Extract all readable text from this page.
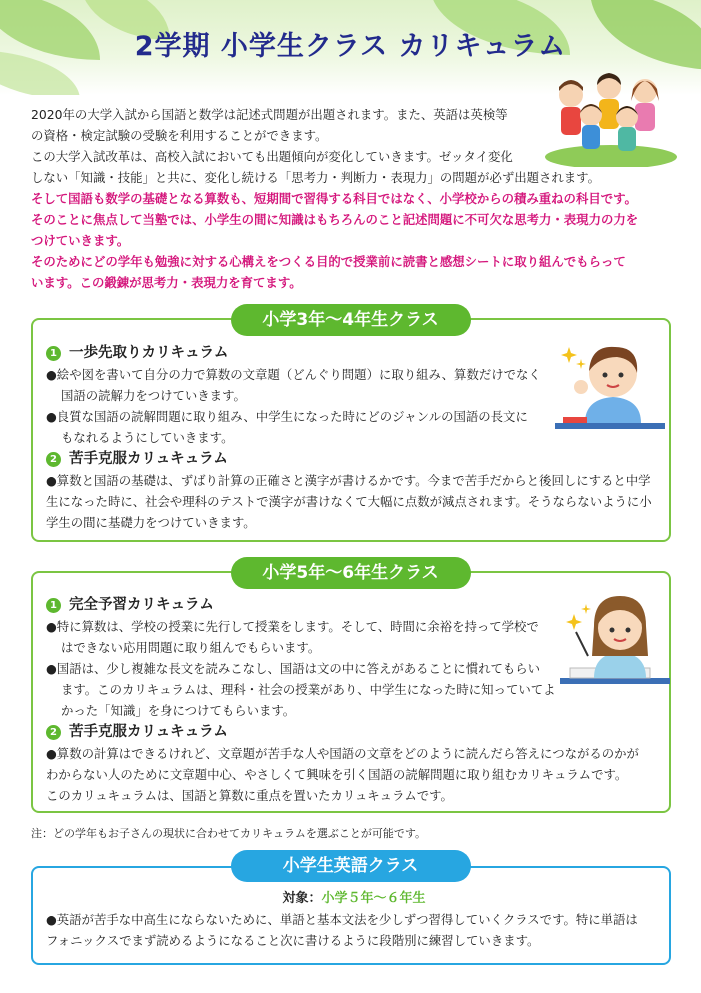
2学期 小学生クラス カリキュラム

2020年の大学入試から国語と数学は記述式問題が出題されます。また、英語は英検等

の資格・検定試験の受験を利用することができます。

この大学入試改革は、高校入試においても出題傾向が変化していきます。ゼッタイ変化

しない「知識・技能」と共に、変化し続ける「思考力・判断力・表現力」の問題が必ず出題されます。

そして国語も数学の基礎となる算数も、短期間で習得する科目ではなく、小学校からの積み重ねの科目です。

そのことに焦点して当塾では、小学生の間に知識はもちろんのこと記述問題に不可欠な思考力・表現力の力を

つけていきます。

そのためにどの学年も勉強に対する心構えをつくる目的で授業前に読書と感想シートに取り組んでもらって

います。この鍛錬が思考力・表現力を育てます。

小学3年～4年生クラス
1 一歩先取りカリキュラム

●絵や図を書いて自分の力で算数の文章題（どんぐり問題）に取り組み、算数だけでなく

国語の読解力をつけていきます。

●良質な国語の読解問題に取り組み、中学生になった時にどのジャンルの国語の長文に

もなれるようにしていきます。

2 苦手克服カリュキュラム

●算数と国語の基礎は、ずばり計算の正確さと漢字が書けるかです。今まで苦手だからと後回しにすると中学

生になった時に、社会や理科のテストで漢字が書けなくて大幅に点数が減点されます。そうならないように小

学生の間に基礎力をつけていきます。

小学5年～6年生クラス
1 完全予習カリキュラム

●特に算数は、学校の授業に先行して授業をします。そして、時間に余裕を持って学校で

はできない応用問題に取り組んでもらいます。

●国語は、少し複雑な長文を読みこなし、国語は文の中に答えがあることに慣れてもらい

ます。このカリキュラムは、理科・社会の授業があり、中学生になった時に知っていてよ

かった「知識」を身につけてもらいます。

2 苦手克服カリュキュラム

●算数の計算はできるけれど、文章題が苦手な人や国語の文章をどのように読んだら答えにつながるのかが

わからない人のために文章題中心、やさしくて興味を引く国語の読解問題に取り組むカリキュラムです。

このカリュキュラムは、国語と算数に重点を置いたカリュキュラムです。

注：どの学年もお子さんの現状に合わせてカリキュラムを選ぶことが可能です。
小学生英語クラス

対象：小学５年～６年生

●英語が苦手な中高生にならないために、単語と基本文法を少しずつ習得していくクラスです。特に単語は

フォニックスでまず読めるようになること次に書けるように段階別に練習していきます。
